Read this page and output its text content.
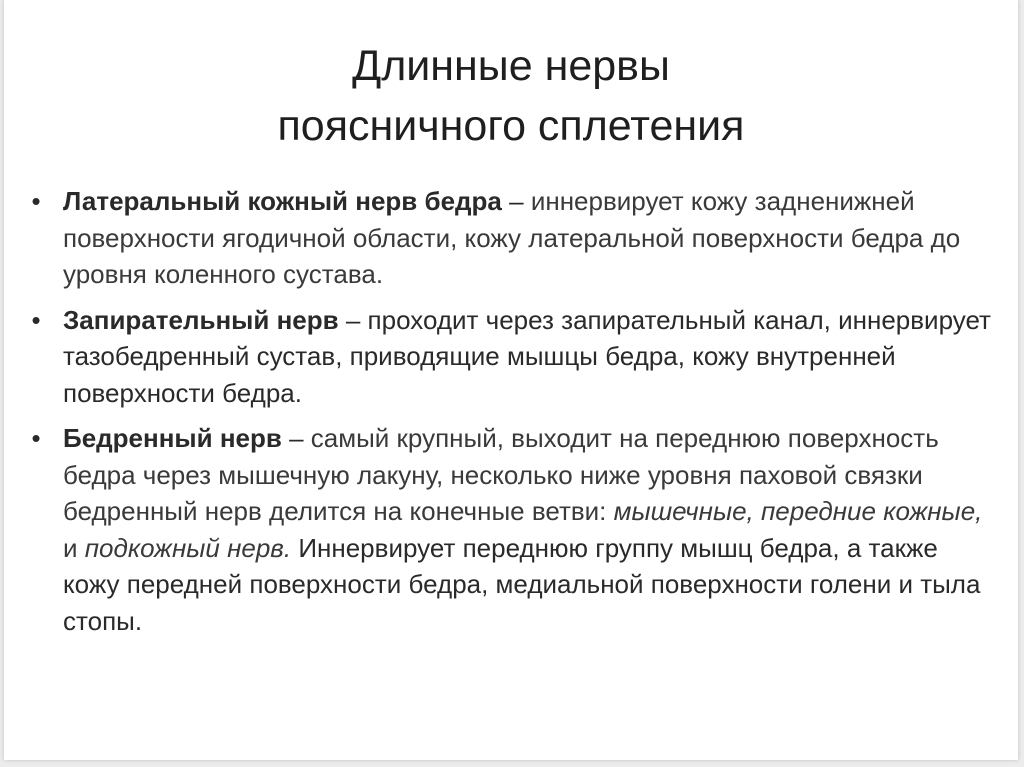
Длинные нервы
поясничного сплетения
• Латеральный кожный нерв бедра – иннервирует кожу задненижней поверхности ягодичной области, кожу латеральной поверхности бедра до уровня коленного сустава.
• Запирательный нерв – проходит через запирательный канал, иннервирует тазобедренный сустав, приводящие мышцы бедра, кожу внутренней поверхности бедра.
• Бедренный нерв – самый крупный, выходит на переднюю поверхность бедра через мышечную лакуну, несколько ниже уровня паховой связки бедренный нерв делится на конечные ветви: мышечные, передние кожные, и подкожный нерв. Иннервирует переднюю группу мышц бедра, а также кожу передней поверхности бедра, медиальной поверхности голени и тыла стопы.
